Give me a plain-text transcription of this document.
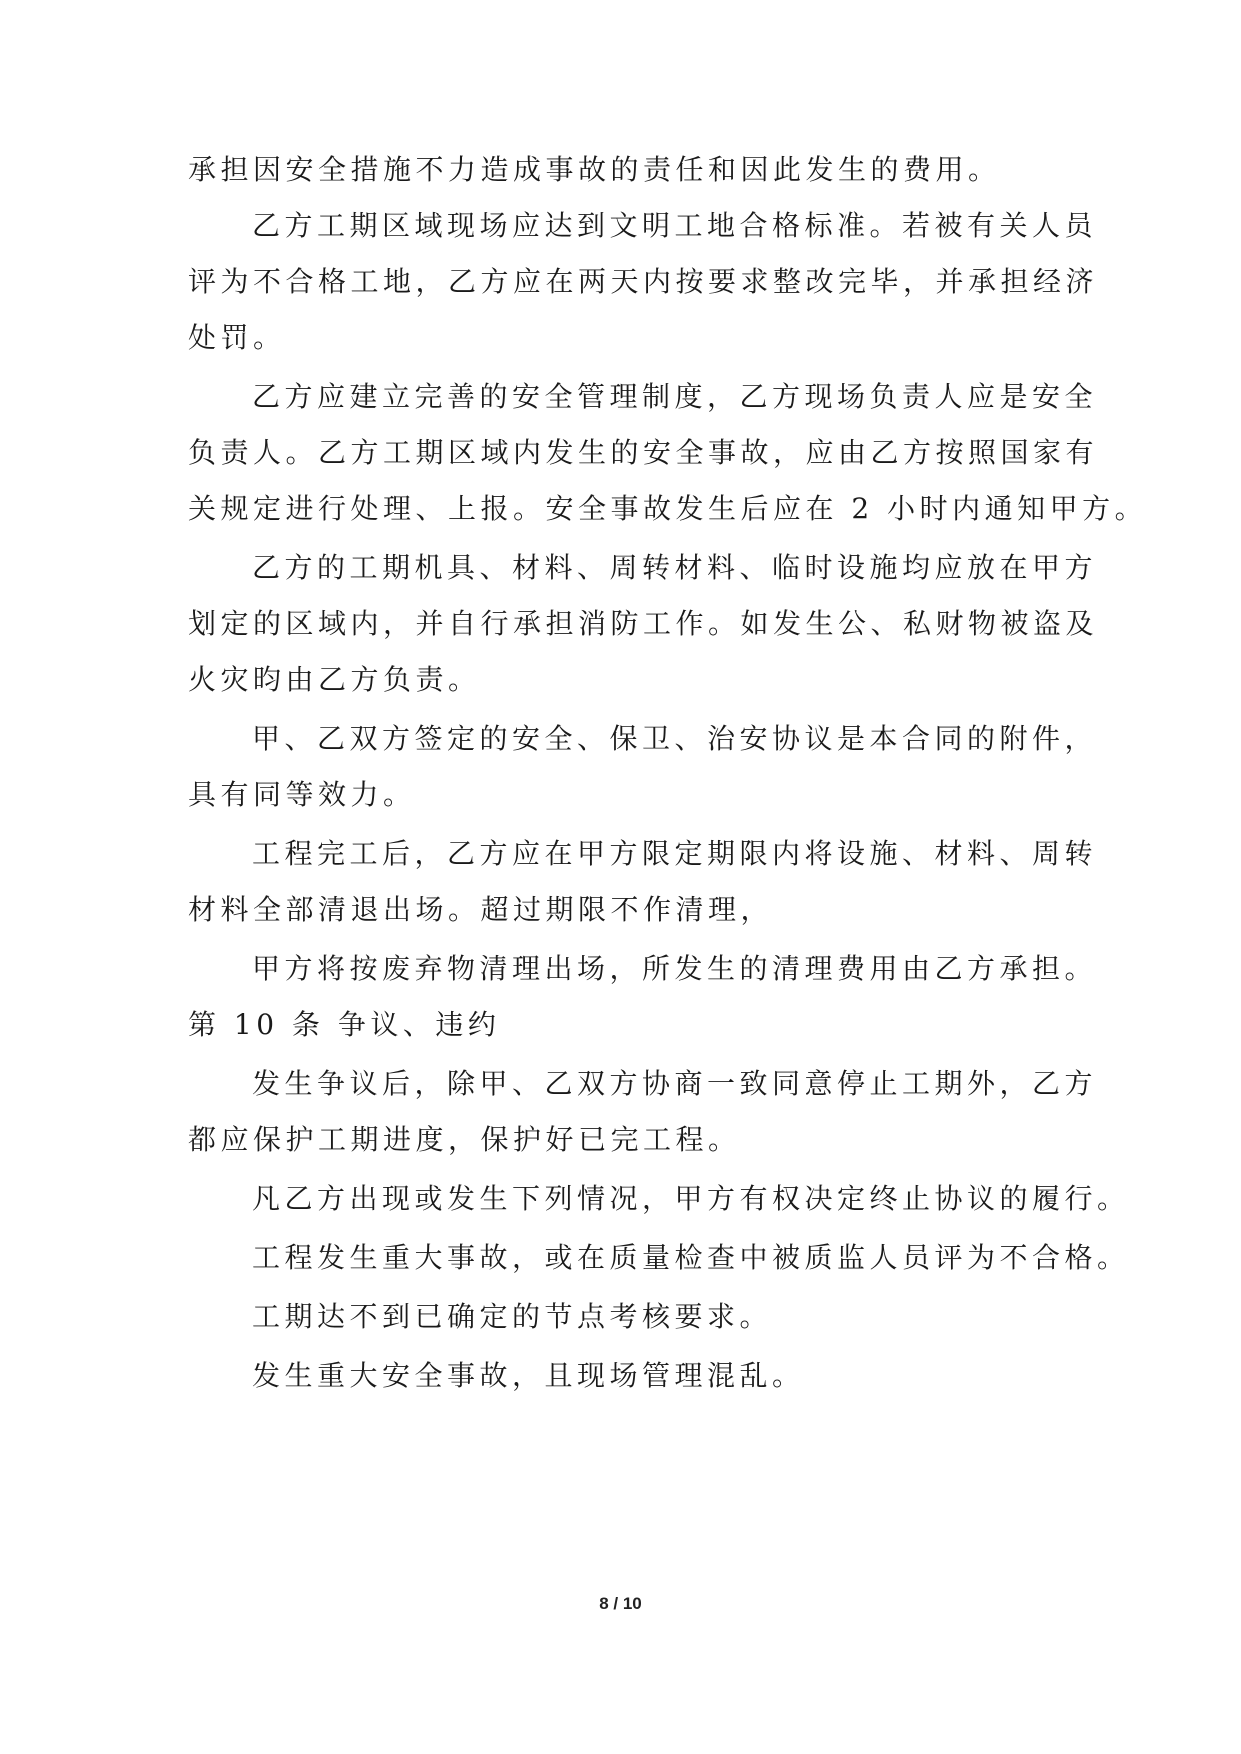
承担因安全措施不力造成事故的责任和因此发生的费用。
乙方工期区域现场应达到文明工地合格标准。若被有关人员
评为不合格工地，乙方应在两天内按要求整改完毕，并承担经济
处罚。
乙方应建立完善的安全管理制度，乙方现场负责人应是安全
负责人。乙方工期区域内发生的安全事故，应由乙方按照国家有
关规定进行处理、上报。安全事故发生后应在 2 小时内通知甲方。
乙方的工期机具、材料、周转材料、临时设施均应放在甲方
划定的区域内，并自行承担消防工作。如发生公、私财物被盗及
火灾昀由乙方负责。
甲、乙双方签定的安全、保卫、治安协议是本合同的附件，
具有同等效力。
工程完工后，乙方应在甲方限定期限内将设施、材料、周转
材料全部清退出场。超过期限不作清理，
甲方将按废弃物清理出场，所发生的清理费用由乙方承担。
第 10 条 争议、违约
发生争议后，除甲、乙双方协商一致同意停止工期外，乙方
都应保护工期进度，保护好已完工程。
凡乙方出现或发生下列情况，甲方有权决定终止协议的履行。
工程发生重大事故，或在质量检查中被质监人员评为不合格。
工期达不到已确定的节点考核要求。
发生重大安全事故，且现场管理混乱。
8 / 10
